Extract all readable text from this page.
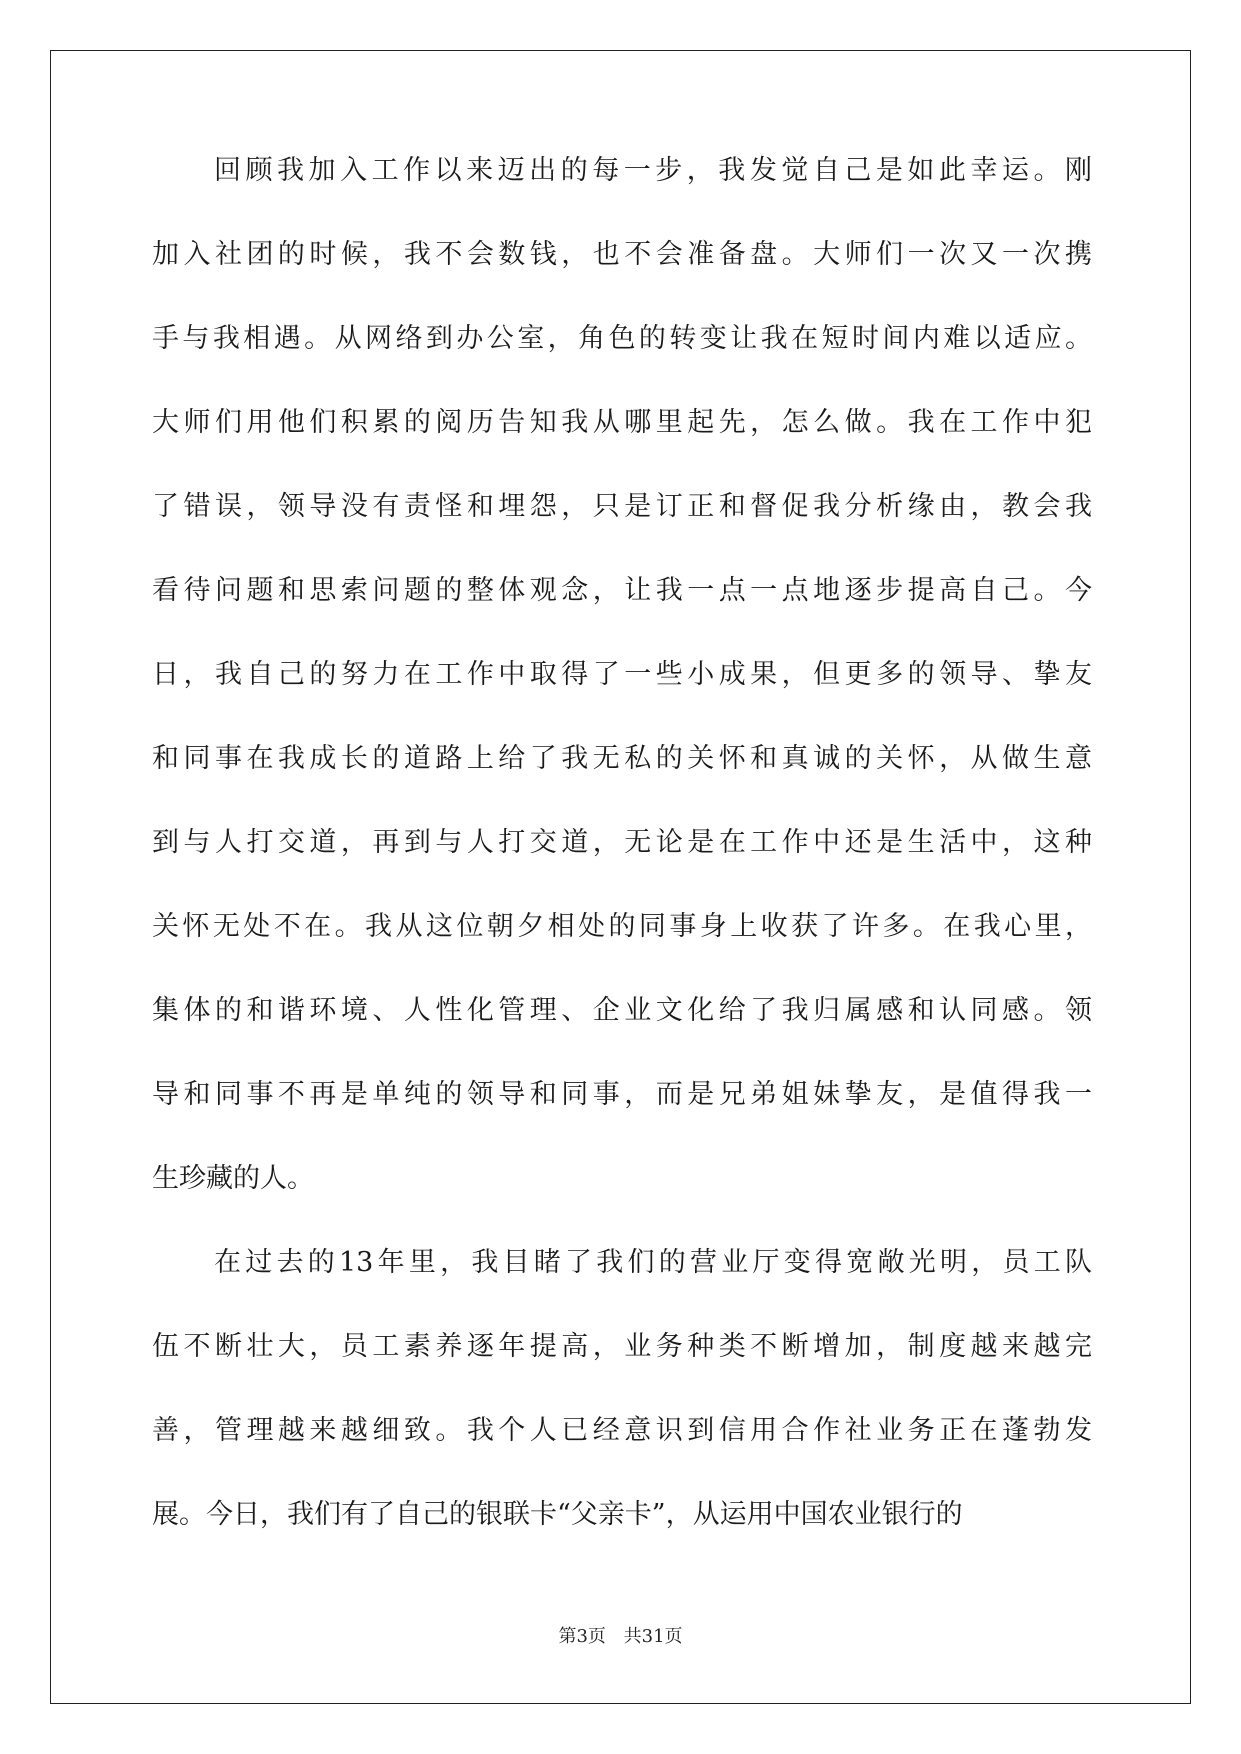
回顾我加入工作以来迈出的每一步，我发觉自己是如此幸运。刚
加入社团的时候，我不会数钱，也不会准备盘。大师们一次又一次携
手与我相遇。从网络到办公室，角色的转变让我在短时间内难以适应。
大师们用他们积累的阅历告知我从哪里起先，怎么做。我在工作中犯
了错误，领导没有责怪和埋怨，只是订正和督促我分析缘由，教会我
看待问题和思索问题的整体观念，让我一点一点地逐步提高自己。今
日，我自己的努力在工作中取得了一些小成果，但更多的领导、挚友
和同事在我成长的道路上给了我无私的关怀和真诚的关怀，从做生意
到与人打交道，再到与人打交道，无论是在工作中还是生活中，这种
关怀无处不在。我从这位朝夕相处的同事身上收获了许多。在我心里，
集体的和谐环境、人性化管理、企业文化给了我归属感和认同感。领
导和同事不再是单纯的领导和同事，而是兄弟姐妹挚友，是值得我一
生珍藏的人。
在过去的13年里，我目睹了我们的营业厅变得宽敞光明，员工队
伍不断壮大，员工素养逐年提高，业务种类不断增加，制度越来越完
善，管理越来越细致。我个人已经意识到信用合作社业务正在蓬勃发
展。今日，我们有了自己的银联卡“父亲卡”，从运用中国农业银行的
第3页 共31页
